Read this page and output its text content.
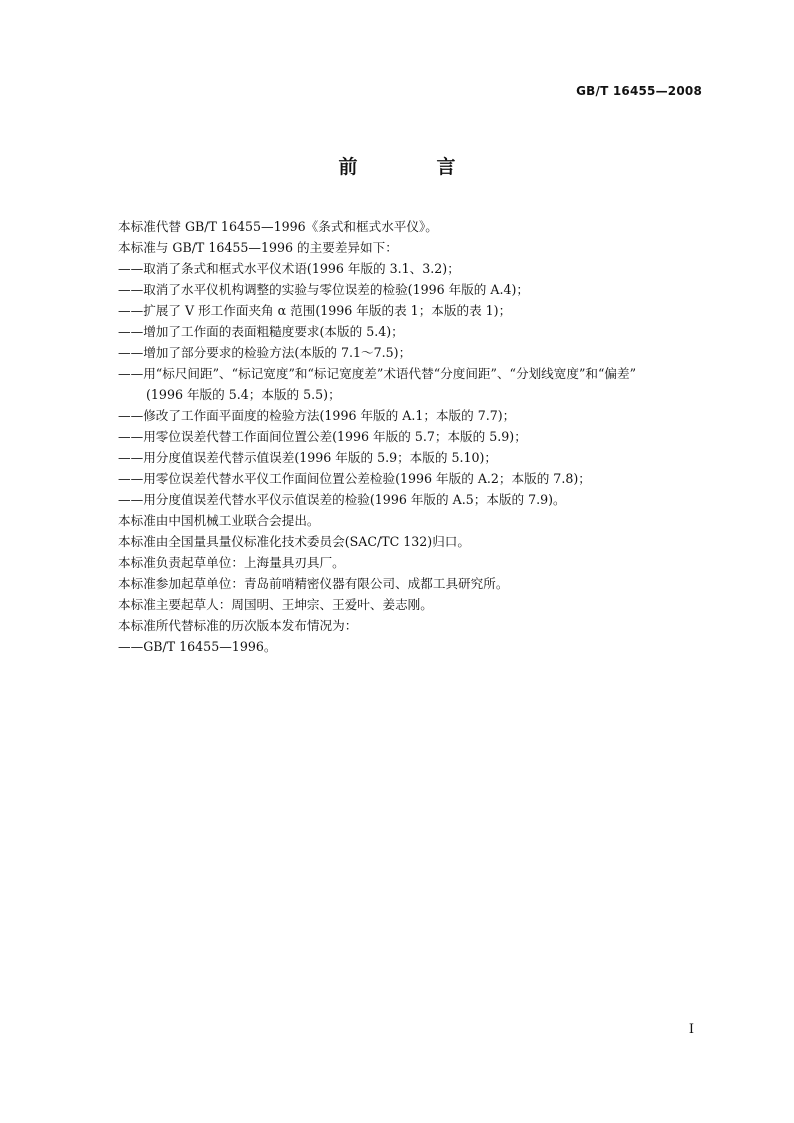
GB/T 16455—2008
前　言
本标准代替 GB/T 16455—1996《条式和框式水平仪》。
本标准与 GB/T 16455—1996 的主要差异如下：
——取消了条式和框式水平仪术语(1996 年版的 3.1、3.2)；
——取消了水平仪机构调整的实验与零位误差的检验(1996 年版的 A.4)；
——扩展了 V 形工作面夹角 α 范围(1996 年版的表 1；本版的表 1)；
——增加了工作面的表面粗糙度要求(本版的 5.4)；
——增加了部分要求的检验方法(本版的 7.1～7.5)；
——用“标尺间距”、“标记宽度”和“标记宽度差”术语代替“分度间距”、“分划线宽度”和“偏差”
(1996 年版的 5.4；本版的 5.5)；
——修改了工作面平面度的检验方法(1996 年版的 A.1；本版的 7.7)；
——用零位误差代替工作面间位置公差(1996 年版的 5.7；本版的 5.9)；
——用分度值误差代替示值误差(1996 年版的 5.9；本版的 5.10)；
——用零位误差代替水平仪工作面间位置公差检验(1996 年版的 A.2；本版的 7.8)；
——用分度值误差代替水平仪示值误差的检验(1996 年版的 A.5；本版的 7.9)。
本标准由中国机械工业联合会提出。
本标准由全国量具量仪标准化技术委员会(SAC/TC 132)归口。
本标准负责起草单位：上海量具刃具厂。
本标准参加起草单位：青岛前哨精密仪器有限公司、成都工具研究所。
本标准主要起草人：周国明、王坤宗、王爱叶、姜志刚。
本标准所代替标准的历次版本发布情况为：
——GB/T 16455—1996。
I
